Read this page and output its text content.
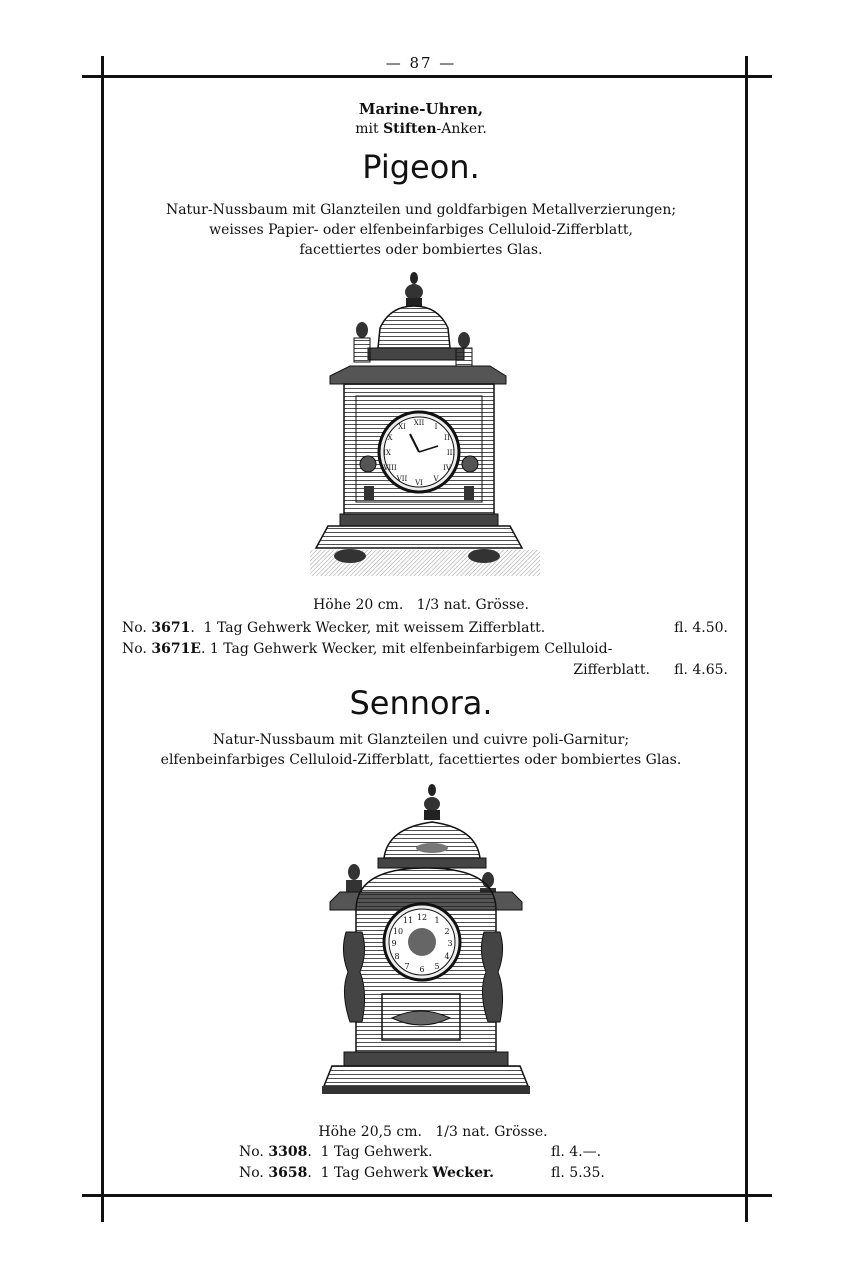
— 87 —
Marine-Uhren,
mit Stiften-Anker.
Pigeon.
Natur-Nussbaum mit Glanzteilen und goldfarbigen Metallverzierungen;
weisses Papier- oder elfenbeinfarbiges Celluloid-Zifferblatt,
facettiertes oder bombiertes Glas.
XII I
II
III
IV
V
VI
VII
VIII
IX
X
XI
Höhe 20 cm. 1/3 nat. Grösse.
No. 3671. 1 Tag Gehwerk Wecker, mit weissem Zifferblatt.	fl. 4.50.
No. 3671E. 1 Tag Gehwerk Wecker, mit elfenbeinfarbigem Celluloid-
Zifferblatt. fl. 4.65.
Sennora.
Natur-Nussbaum mit Glanzteilen und cuivre poli-Garnitur;
elfenbeinfarbiges Celluloid-Zifferblatt, facettiertes oder bombiertes Glas.
12 1
2
3
4
5
6
7
8
9
10
11
Höhe 20,5 cm. 1/3 nat. Grösse.
No. 3308. 1 Tag Gehwerk.	fl. 4.—.
No. 3658. 1 Tag Gehwerk Wecker.	fl. 5.35.
